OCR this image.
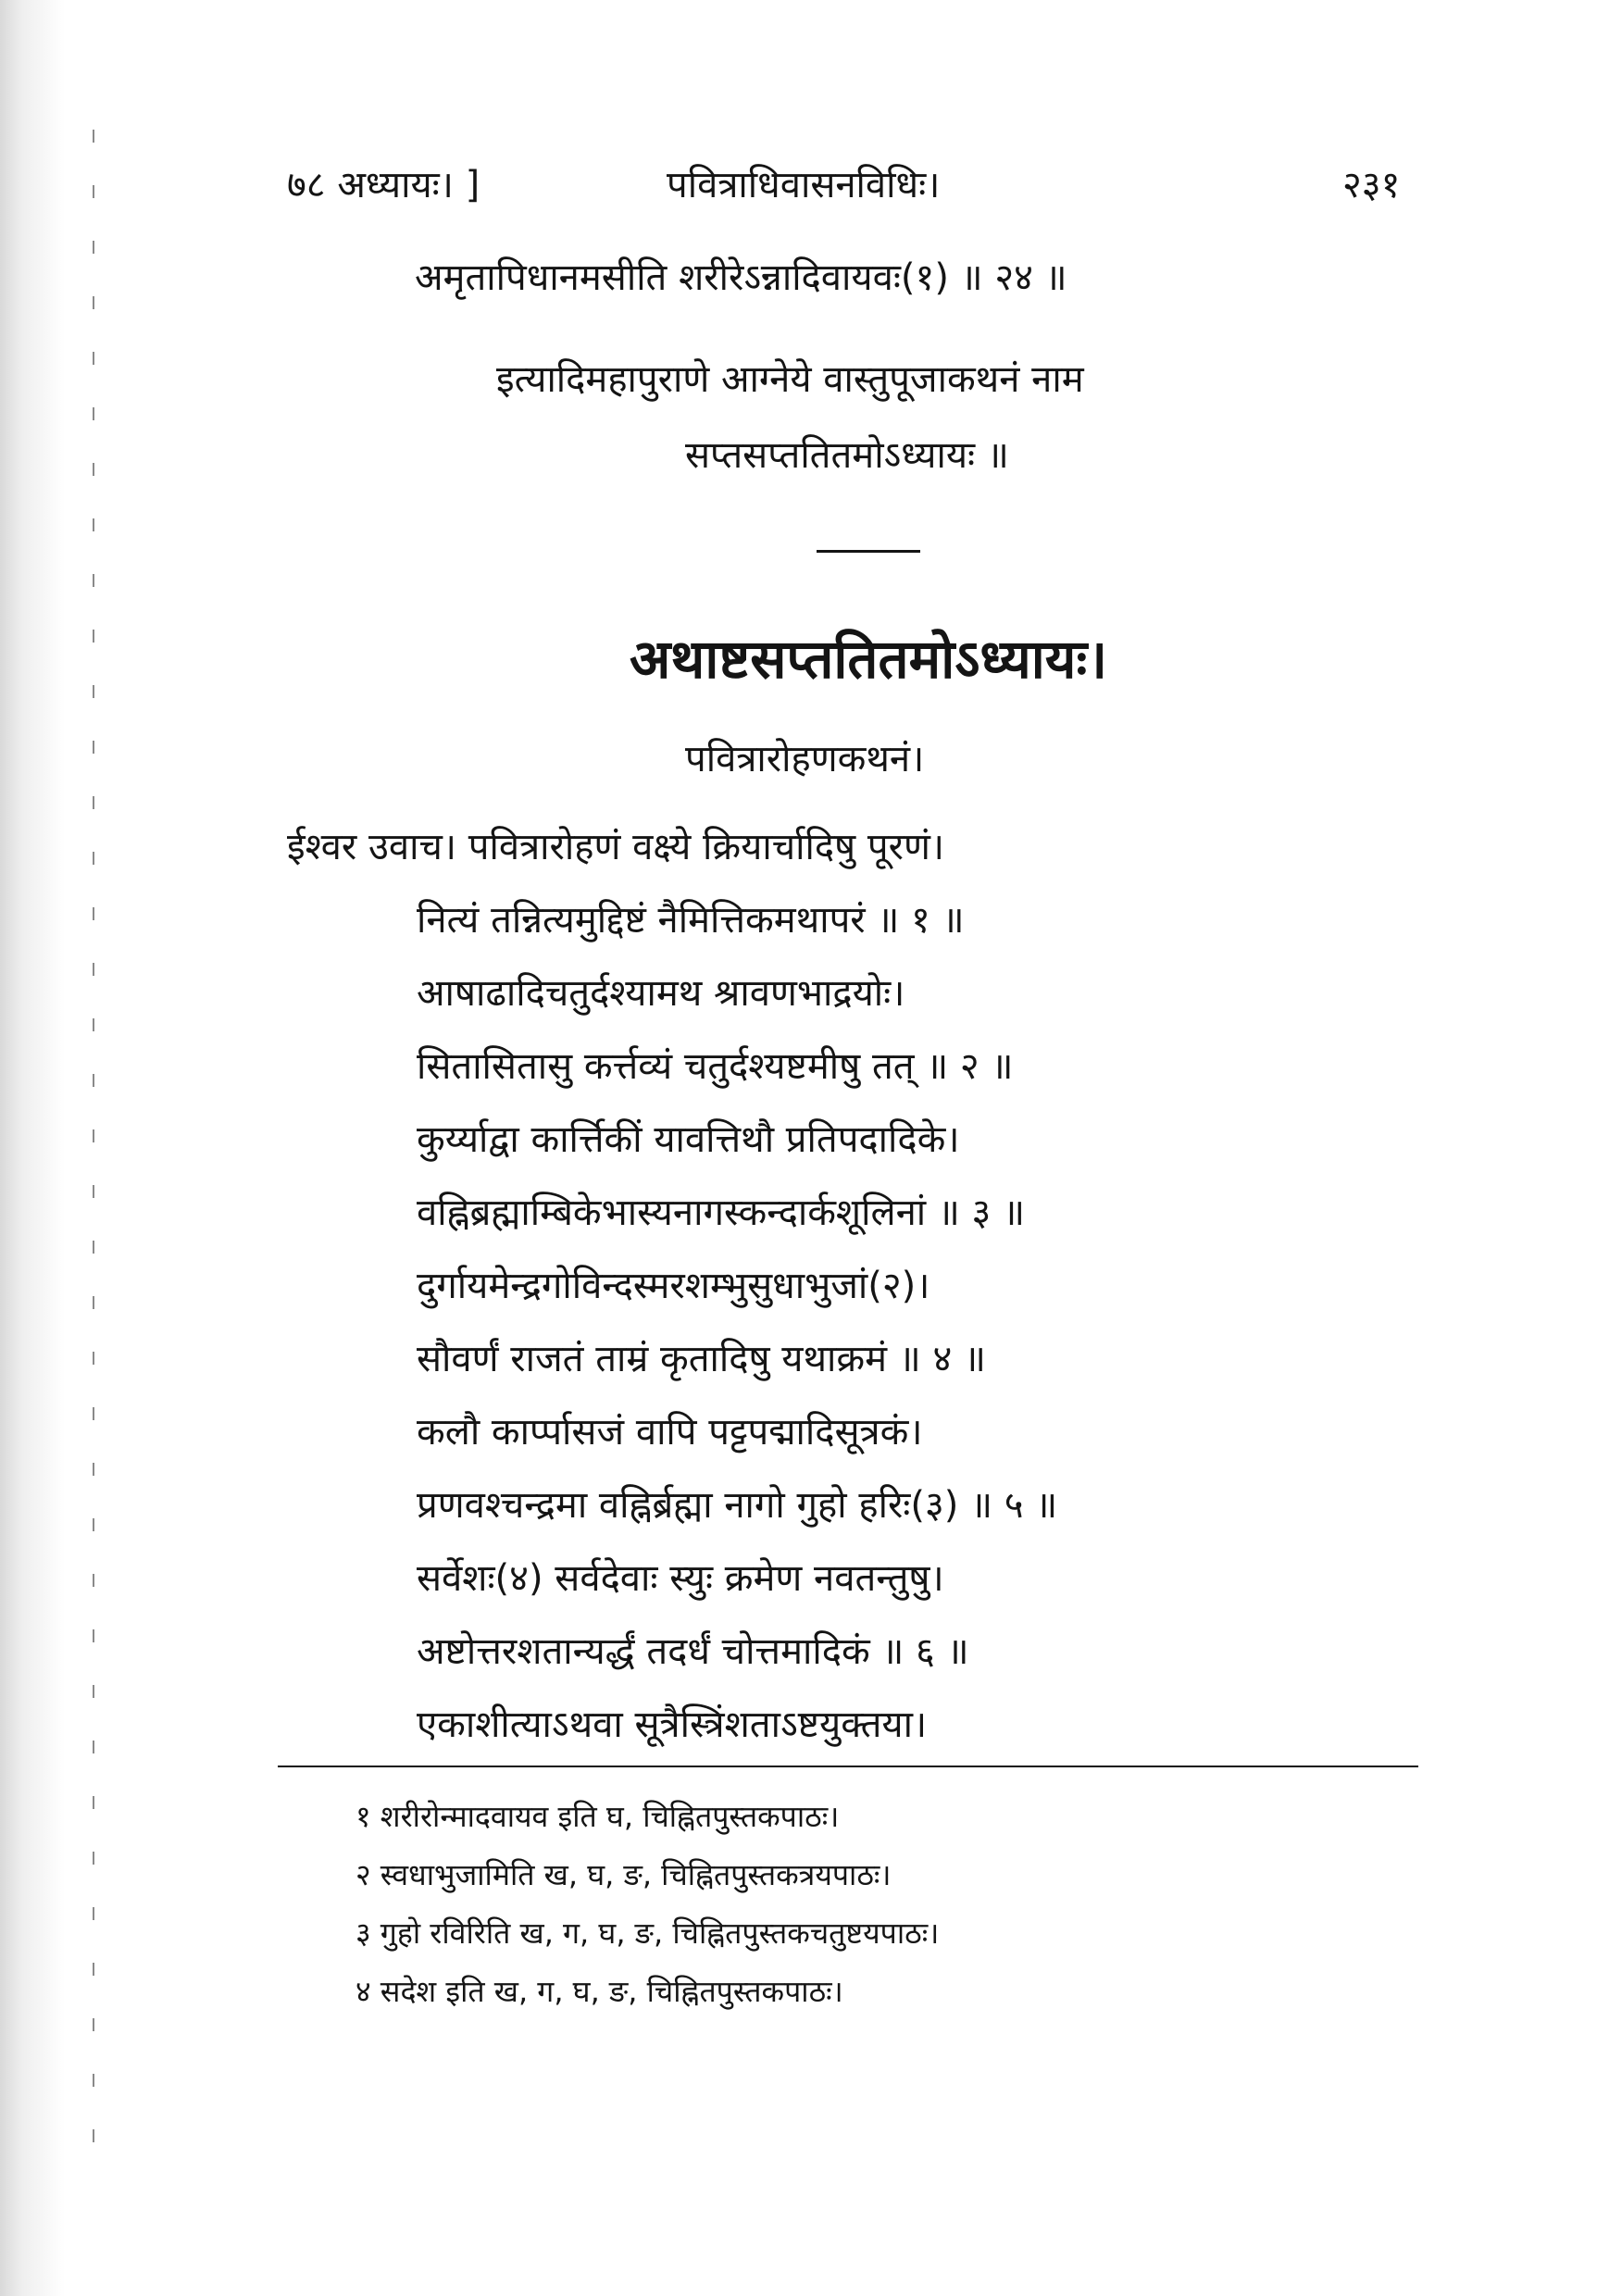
७८ अध्यायः। ]	पवित्राधिवासनविधिः।	२३१
अमृतापिधानमसीति शरीरेऽन्नादिवायवः(१) ॥ २४ ॥
इत्यादिमहापुराणे आग्नेये वास्तुपूजाकथनं नाम
सप्तसप्ततितमोऽध्यायः ॥
अथाष्टसप्ततितमोऽध्यायः।
पवित्रारोहणकथनं।
ईश्वर उवाच। पवित्रारोहणं वक्ष्ये क्रियार्चादिषु पूरणं।
नित्यं तन्नित्यमुद्दिष्टं नैमित्तिकमथापरं ॥ १ ॥
आषाढादिचतुर्दश्यामथ श्रावणभाद्रयोः।
सितासितासु कर्त्तव्यं चतुर्दश्यष्टमीषु तत् ॥ २ ॥
कुर्य्याद्वा कार्त्तिकीं यावत्तिथौ प्रतिपदादिके।
वह्निब्रह्माम्बिकेभास्यनागस्कन्दार्कशूलिनां ॥ ३ ॥
दुर्गायमेन्द्रगोविन्दस्मरशम्भुसुधाभुजां(२)।
सौवर्णं राजतं ताम्रं कृतादिषु यथाक्रमं ॥ ४ ॥
कलौ कार्प्पासजं वापि पट्टपद्मादिसूत्रकं।
प्रणवश्चन्द्रमा वह्निर्ब्रह्मा नागो गुहो हरिः(३) ॥ ५ ॥
सर्वेशः(४) सर्वदेवाः स्युः क्रमेण नवतन्तुषु।
अष्टोत्तरशतान्यर्द्धं तदर्धं चोत्तमादिकं ॥ ६ ॥
एकाशीत्याऽथवा सूत्रैस्त्रिंशताऽष्टयुक्तया।
१ शरीरोन्मादवायव इति घ, चिह्नितपुस्तकपाठः।
२ स्वधाभुजामिति ख, घ, ङ, चिह्नितपुस्तकत्रयपाठः।
३ गुहो रविरिति ख, ग, घ, ङ, चिह्नितपुस्तकचतुष्टयपाठः।
४ सदेश इति ख, ग, घ, ङ, चिह्नितपुस्तकपाठः।
